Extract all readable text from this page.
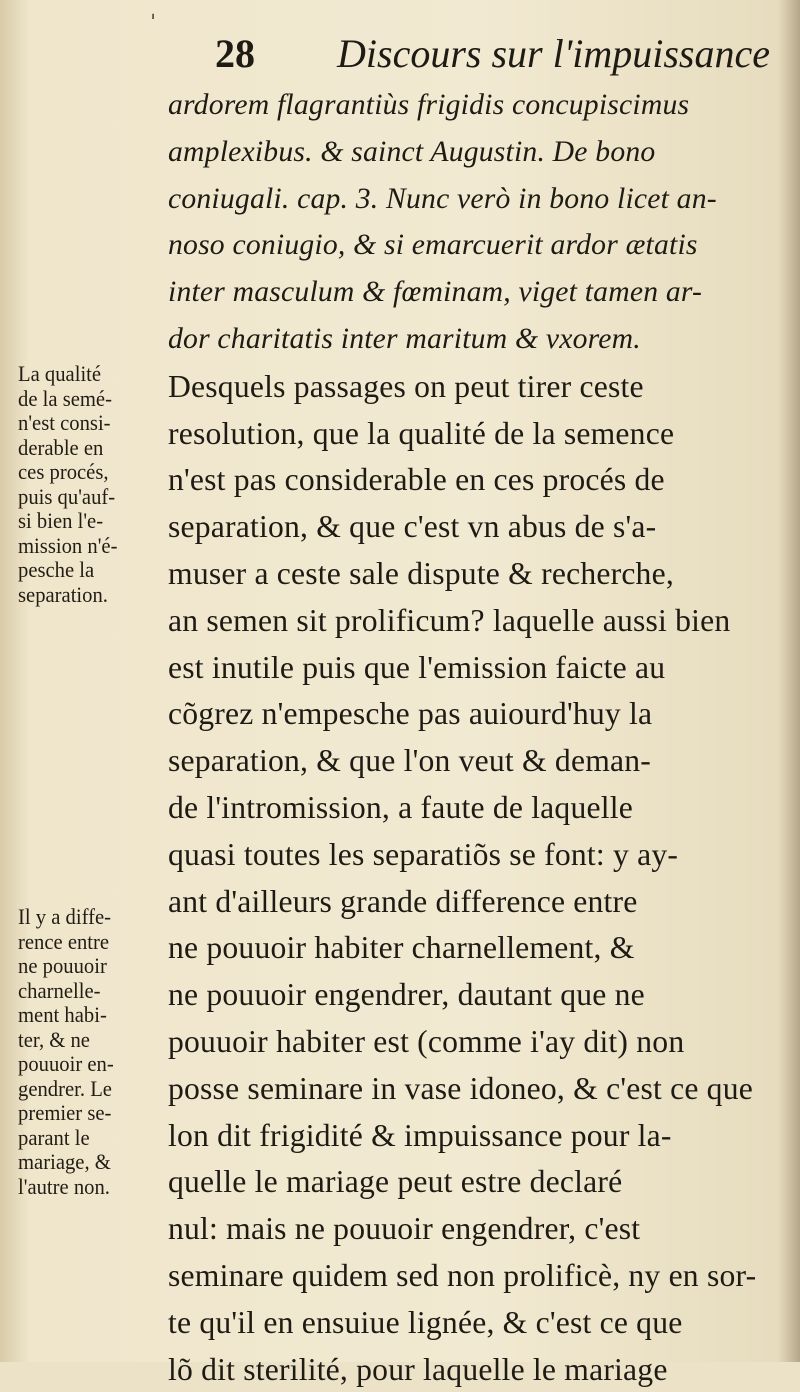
ˈ
28 Discours sur l'impuissance
ardorem flagrantiùs frigidis concupiscimus
amplexibus. & sainct Augustin. De bono
coniugali. cap. 3. Nunc verò in bono licet an-
noso coniugio, & si emarcuerit ardor ætatis
inter masculum & fœminam, viget tamen ar-
dor charitatis inter maritum & vxorem.
Desquels passages on peut tirer ceste
resolution, que la qualité de la semence
n'est pas considerable en ces procés de
separation, & que c'est vn abus de s'a-
muser a ceste sale dispute & recherche,
an semen sit prolificum? laquelle aussi bien
est inutile puis que l'emission faicte au
cõgrez n'empesche pas auiourd'huy la
separation, & que l'on veut & deman-
de l'intromission, a faute de laquelle
quasi toutes les separatiõs se font: y ay-
ant d'ailleurs grande difference entre
ne pouuoir habiter charnellement, &
ne pouuoir engendrer, dautant que ne
pouuoir habiter est (comme i'ay dit) non
posse seminare in vase idoneo, & c'est ce que
lon dit frigidité & impuissance pour la-
quelle le mariage peut estre declaré
nul: mais ne pouuoir engendrer, c'est
seminare quidem sed non prolificè, ny en sor-
te qu'il en ensuiue lignée, & c'est ce que
lõ dit sterilité, pour laquelle le mariage
La qualitéde la semé-n'est consi-derable ences procés,puis qu'auf-si bien l'e-mission n'é-pesche laseparation.
Il y a diffe-rence entrene pouuoircharnelle-ment habi-ter, & nepouuoir en-gendrer. Lepremier se-parant lemariage, &l'autre non.
